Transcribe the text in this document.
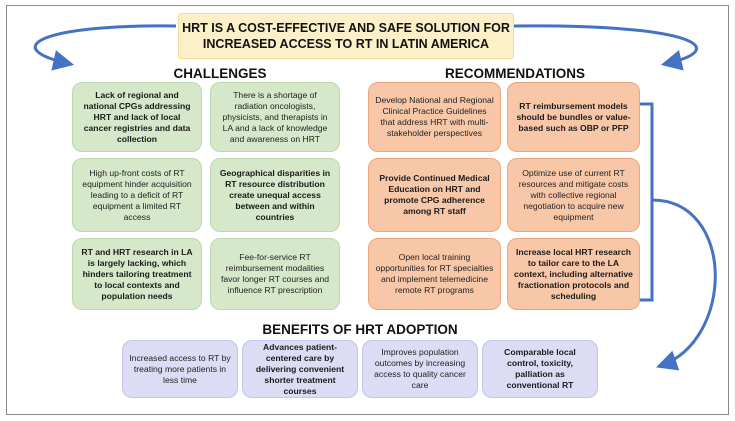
HRT IS A COST-EFFECTIVE AND SAFE SOLUTION FOR
INCREASED ACCESS TO RT IN LATIN AMERICA
CHALLENGES	RECOMMENDATIONS
BENEFITS OF HRT ADOPTION
Lack of regional and national CPGs addressing HRT and lack of local cancer registries and data collection
There is a shortage of radiation oncologists, physicists, and therapists in LA and a lack of knowledge and awareness on HRT
High up-front costs of RT equipment hinder acquisition leading to a deficit of RT equipment a limited RT access
Geographical disparities in RT resource distribution create unequal access between and within countries
RT and HRT research in LA is largely lacking, which hinders tailoring treatment to local contexts and population needs
Fee-for-service RT reimbursement modalities favor longer RT courses and influence RT prescription
Develop National and Regional Clinical Practice Guidelines that address HRT with multi-stakeholder perspectives
RT reimbursement models should be bundles or value-based such as OBP or PFP
Provide Continued Medical Education on HRT and promote CPG adherence among RT staff
Optimize use of current RT resources and mitigate costs with collective regional negotiation to acquire new equipment
Open local training opportunities for RT specialties and implement telemedicine remote RT programs
Increase local HRT research to tailor care to the LA context, including alternative fractionation protocols and scheduling
Increased access to RT by treating more patients in less time
Advances patient-centered care by delivering convenient shorter treatment courses
Improves population outcomes by increasing access to quality cancer care
Comparable local control, toxicity, palliation as conventional RT
